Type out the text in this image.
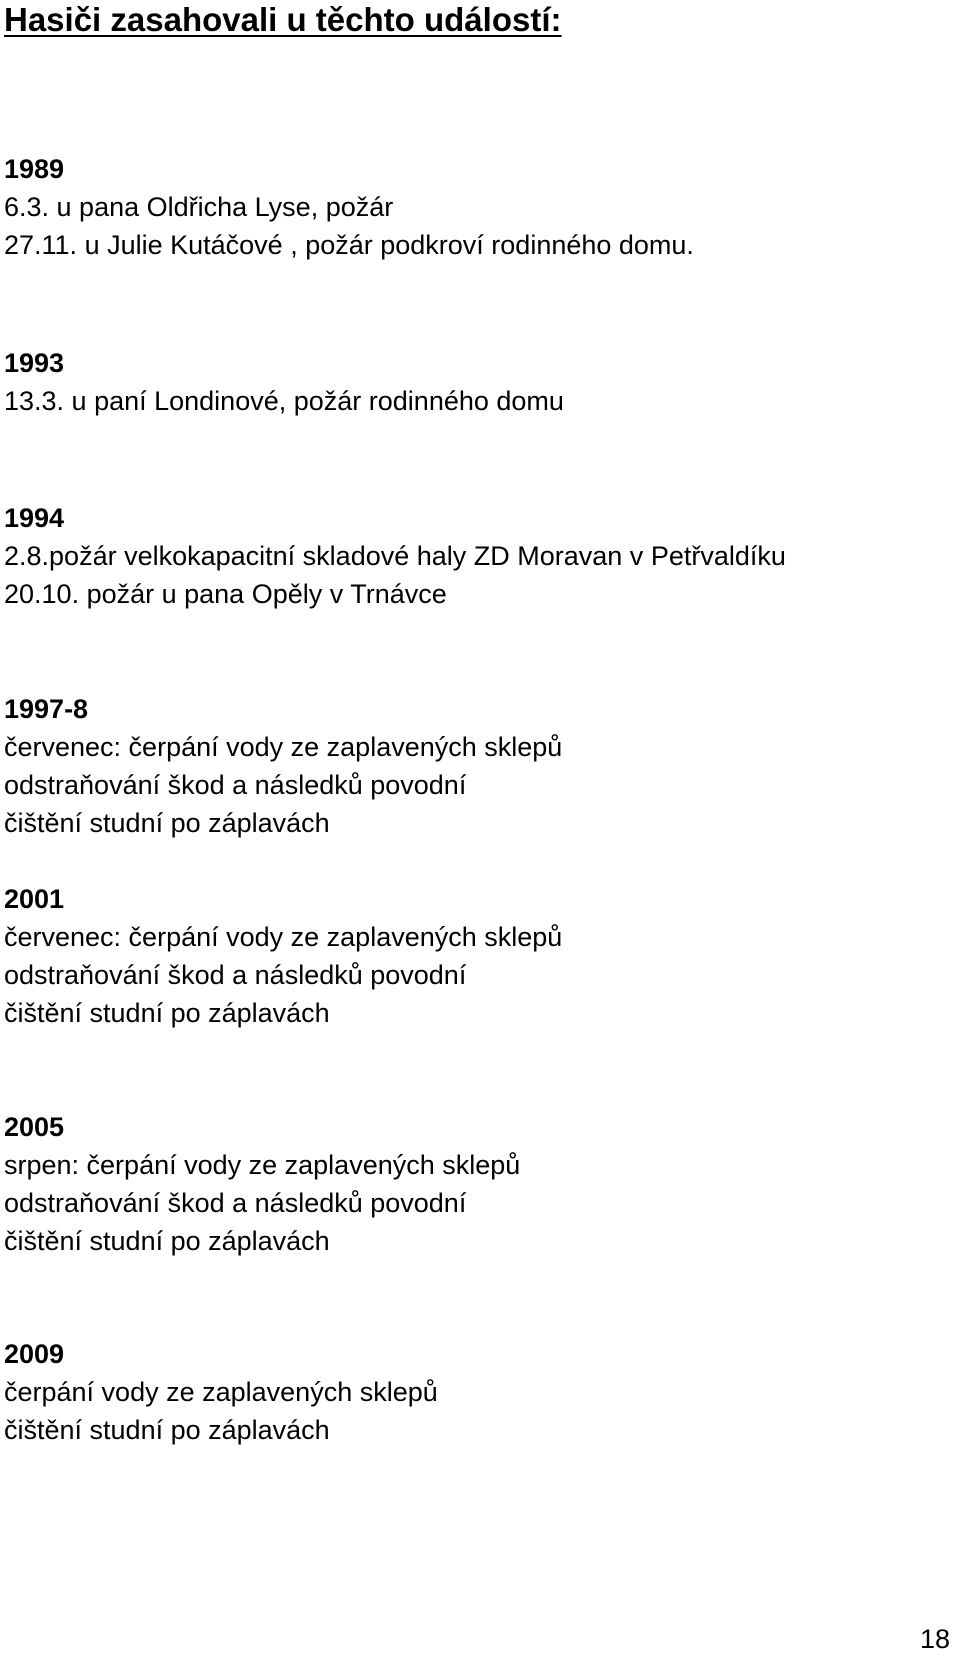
Hasiči zasahovali u těchto událostí:
1989
6.3. u pana Oldřicha Lyse, požár
27.11. u Julie Kutáčové , požár podkroví rodinného domu.
1993
13.3. u paní Londinové, požár rodinného domu
1994
2.8.požár velkokapacitní skladové haly ZD Moravan v Petřvaldíku
20.10. požár u pana Opěly v Trnávce
1997-8
červenec: čerpání vody ze zaplavených sklepů
odstraňování škod a následků povodní
čištění studní po záplavách
2001
červenec: čerpání vody ze zaplavených sklepů
odstraňování škod a následků povodní
čištění studní po záplavách
2005
srpen: čerpání vody ze zaplavených sklepů
odstraňování škod a následků povodní
čištění studní po záplavách
2009
čerpání vody ze zaplavených sklepů
čištění studní po záplavách
18
